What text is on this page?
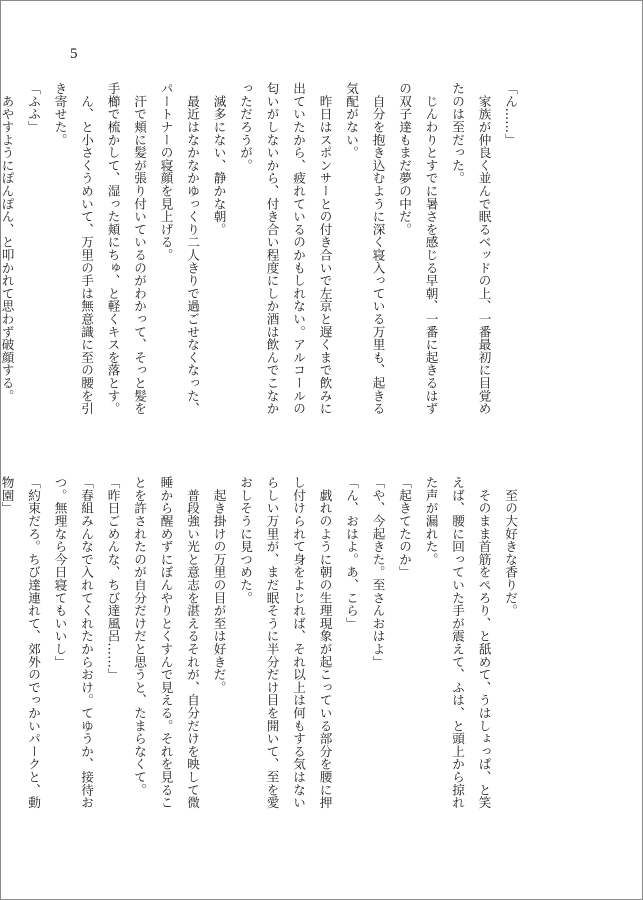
5

「ん……」

　家族が仲良く並んで眠るベッドの上、一番最初に目覚めたのは至だった。

　じんわりとすでに暑さを感じる早朝、一番に起きるはずの双子達もまだ夢の中だ。

　自分を抱き込むように深く寝入っている万里も、起きる気配がない。

　昨日はスポンサーとの付き合いで左京と遅くまで飲みに出ていたから、疲れているのかもしれない。アルコールの匂いがしないから、付き合い程度にしか酒は飲んでこなかっただろうが。

　滅多にない、静かな朝。

　最近はなかなかゆっくり二人きりで過ごせなくなった、パートナーの寝顔を見上げる。

　汗で頬に髪が張り付いているのがわかって、そっと髪を手櫛で梳かして、湿った頬にちゅ、と軽くキスを落とす。

　ん、と小さくうめいて、万里の手は無意識に至の腰を引き寄せた。

「ふふ」

　あやすようにぽんぽん、と叩かれて思わず破顔する。

　至の大好きな香りだ。

　そのまま首筋をぺろり、と舐めて、うはしょっぱ、と笑えば、腰に回っていた手が震えて、ふは、と頭上から掠れた声が漏れた。

「起きてたのか」

「や、今起きた。至さんおはよ」

「ん、おはよ。あ、こら」

　戯れのように朝の生理現象が起こっている部分を腰に押し付けられて身をよじれば、それ以上は何もする気はないらしい万里が、まだ眠そうに半分だけ目を開いて、至を愛おしそうに見つめた。

　起き掛けの万里の目が至は好きだ。

　普段強い光と意志を湛えるそれが、自分だけを映して微睡から醒めずにぼんやりとくすんで見える。それを見ることを許されたのが自分だけだと思うと、たまらなくて。

「昨日ごめんな、ちび達風呂……」

「春組みんなで入れてくれたからおけ。てゆうか、接待おつ。無理なら今日寝てもいいし」

「約束だろ。ちび達連れて、郊外のでっかいパークと、動物園」
